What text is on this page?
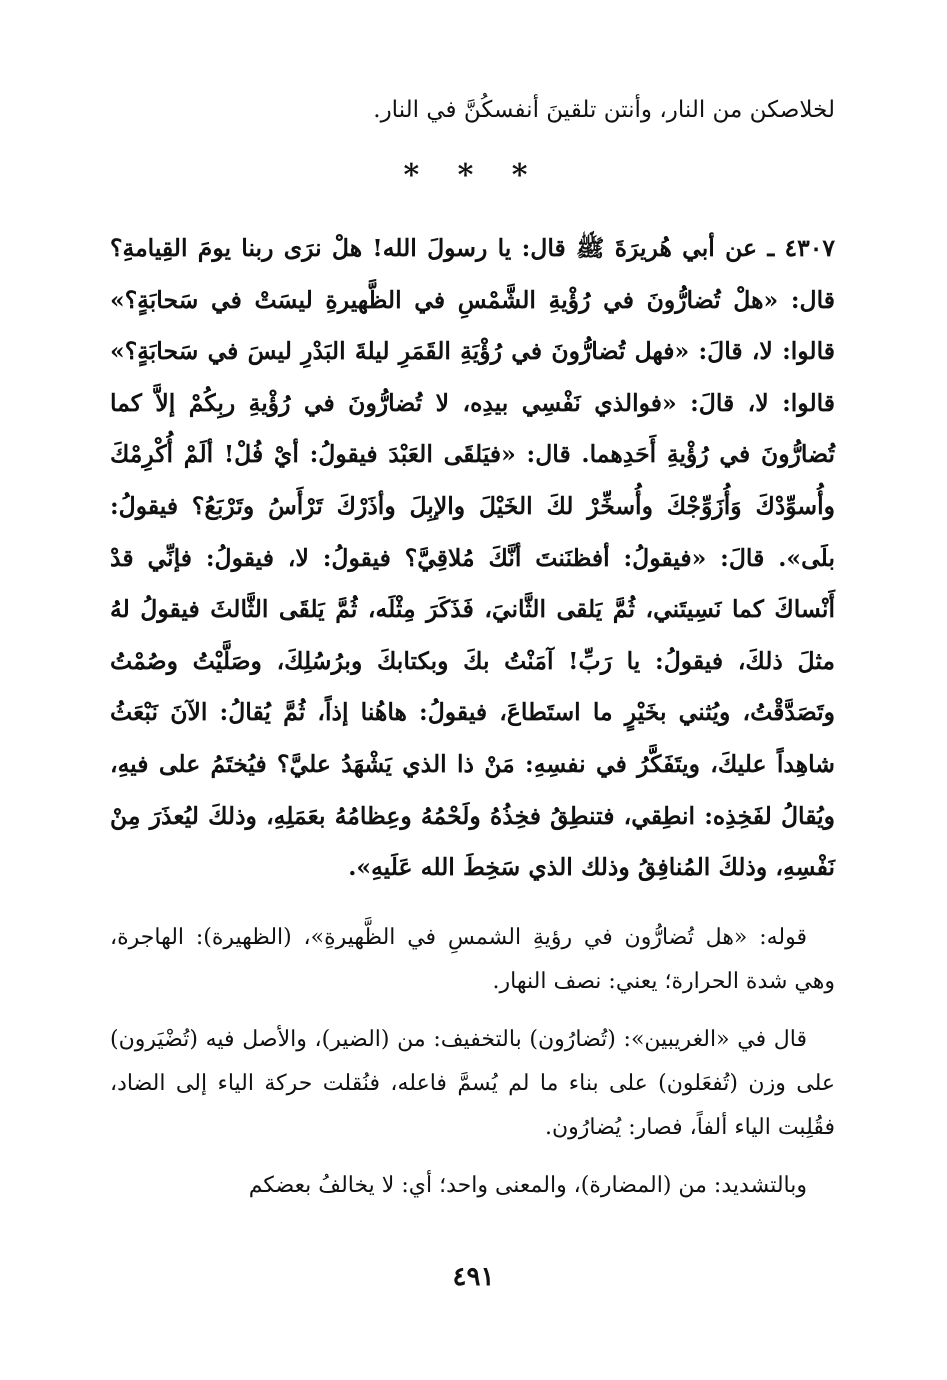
لخلاصكن من النار، وأنتن تلقينَ أنفسكُنَّ في النار.
* * *

٤٣٠٧ ـ عن أبي هُريرَةَ ﷺ قال: يا رسولَ الله! هلْ نرَى ربنا يومَ القِيامةِ؟ قال: «هلْ تُضارُّونَ في رُؤْيةِ الشَّمْسِ في الظَّهيرةِ ليسَتْ في سَحابَةٍ؟» قالوا: لا، قالَ: «فهل تُضارُّونَ في رُؤْيَةِ القَمَرِ ليلةَ البَدْرِ ليسَ في سَحابَةٍ؟» قالوا: لا، قالَ: «فوالذي نَفْسِي بيدِه، لا تُضارُّونَ في رُؤْيةِ ربِكُمْ إلاَّ كما تُضارُّونَ في رُؤْيةِ أَحَدِهما. قال: «فيَلقَى العَبْدَ فيقولُ: أيْ فُلْ! ألَمْ أُكْرِمْكَ وأُسوِّدْكَ وَأُزَوِّجْكَ وأُسخِّرْ لكَ الخَيْلَ والإبِلَ وأذَرْكَ تَرْأَسُ وتَرْبَعُ؟ فيقولُ: بلَى». قالَ: «فيقولُ: أفظنَنتَ أنَّكَ مُلاقِيَّ؟ فيقولُ: لا، فيقولُ: فإنِّي قدْ أَنْساكَ كما نَسِيتَني، ثُمَّ يَلقى الثَّانيَ، فَذَكَرَ مِثْلَه، ثُمَّ يَلقَى الثَّالثَ فيقولُ لهُ مثلَ ذلكَ، فيقولُ: يا رَبِّ! آمَنْتُ بكَ وبكتابكَ وبرُسُلِكَ، وصَلَّيْتُ وصُمْتُ وتَصَدَّقْتُ، ويُثني بخَيْرٍ ما استَطاعَ، فيقولُ: هاهُنا إذاً، ثُمَّ يُقالُ: الآنَ نَبْعَثُ شاهِداً عليكَ، ويتَفَكَّرُ في نفسِهِ: مَنْ ذا الذي يَشْهَدُ عليَّ؟ فيُختَمُ على فيهِ، ويُقالُ لفَخِذِه: انطِقي، فتنطِقُ فخِذُهُ ولَحْمُهُ وعِظامُهُ بعَمَلِهِ، وذلكَ ليُعذَرَ مِنْ نَفْسِهِ، وذلكَ المُنافِقُ وذلك الذي سَخِطَ الله عَلَيهِ».

قوله: «هل تُضارُّون في رؤيةِ الشمسِ في الظَّهيرةِ»، (الظهيرة): الهاجرة، وهي شدة الحرارة؛ يعني: نصف النهار.

قال في «الغريبين»: (تُضارُون) بالتخفيف: من (الضير)، والأصل فيه (تُضْيَرون) على وزن (تُفعَلون) على بناء ما لم يُسمَّ فاعله، فنُقلت حركة الياء إلى الضاد، فقُلِبت الياء ألفاً، فصار: يُضارُون.

وبالتشديد: من (المضارة)، والمعنى واحد؛ أي: لا يخالفُ بعضكم

٤٩١
